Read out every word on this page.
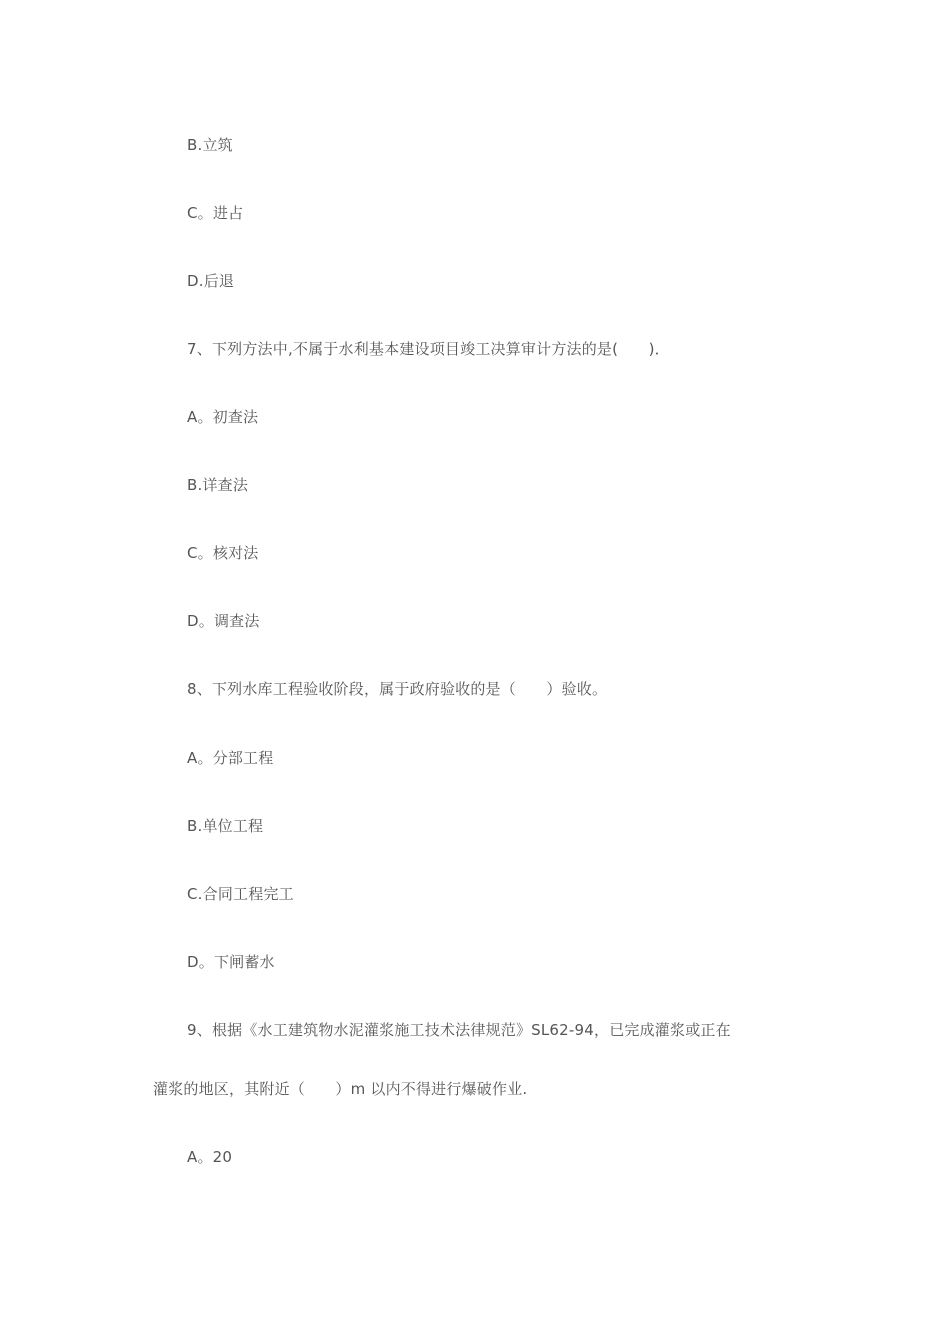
B.立筑
C。进占
D.后退
7、下列方法中,不属于水利基本建设项目竣工决算审计方法的是(　　)．
A。初查法
B.详查法
C。核对法
D。调查法
8、下列水库工程验收阶段，属于政府验收的是（　　）验收。
A。分部工程
B.单位工程
C.合同工程完工
D。下闸蓄水
9、根据《水工建筑物水泥灌浆施工技术法律规范》SL62-94，已完成灌浆或正在
灌浆的地区，其附近（　　）m 以内不得进行爆破作业.
A。20
